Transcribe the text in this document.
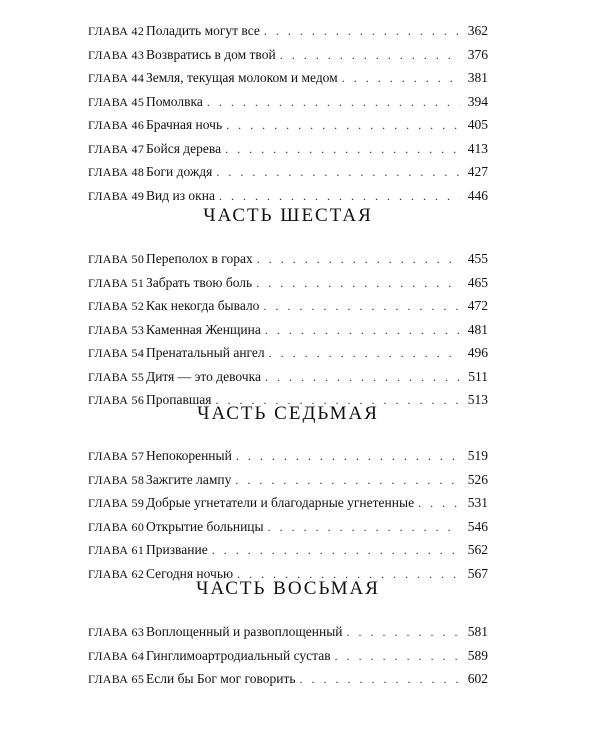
ГЛАВА 42 Поладить могут все . . .	362
ГЛАВА 43 Возвратись в дом твой . . .	376
ГЛАВА 44 Земля, текущая молоком и медом . . .	381
ГЛАВА 45 Помолвка . . .	394
ГЛАВА 46 Брачная ночь . . .	405
ГЛАВА 47 Бойся дерева . . .	413
ГЛАВА 48 Боги дождя . . .	427
ГЛАВА 49 Вид из окна . . .	446
ЧАСТЬ ШЕСТАЯ
ГЛАВА 50 Переполох в горах . . .	455
ГЛАВА 51 Забрать твою боль . . .	465
ГЛАВА 52 Как некогда бывало . . .	472
ГЛАВА 53 Каменная Женщина . . .	481
ГЛАВА 54 Пренатальный ангел . . .	496
ГЛАВА 55 Дитя — это девочка . . .	511
ГЛАВА 56 Пропавшая . . .	513
ЧАСТЬ СЕДЬМАЯ
ГЛАВА 57 Непокоренный . . .	519
ГЛАВА 58 Зажгите лампу . . .	526
ГЛАВА 59 Добрые угнетатели и благодарные угнетенные . . .	531
ГЛАВА 60 Открытие больницы . . .	546
ГЛАВА 61 Призвание . . .	562
ГЛАВА 62 Сегодня ночью . . .	567
ЧАСТЬ ВОСЬМАЯ
ГЛАВА 63 Воплощенный и развоплощенный . . .	581
ГЛАВА 64 Гинглимоартродиальный сустав . . .	589
ГЛАВА 65 Если бы Бог мог говорить . . .	602
